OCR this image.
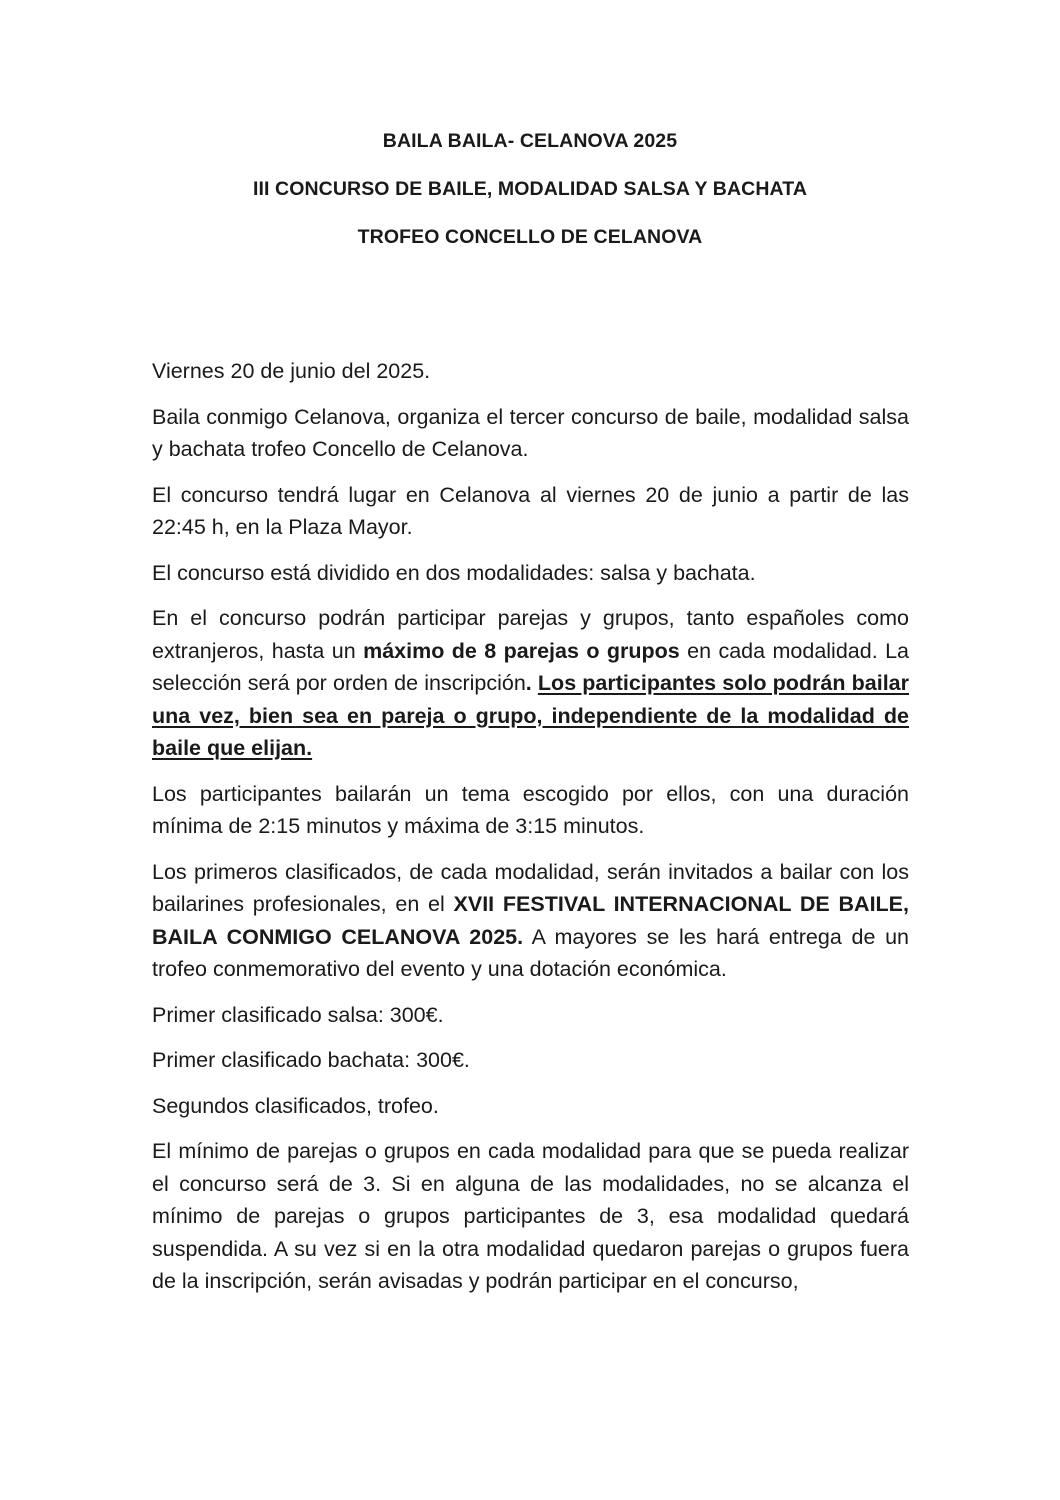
BAILA BAILA- CELANOVA 2025
III CONCURSO DE BAILE, MODALIDAD SALSA Y BACHATA
TROFEO CONCELLO DE CELANOVA

Viernes 20 de junio del 2025.

Baila conmigo Celanova, organiza el tercer concurso de baile, modalidad salsa y bachata trofeo Concello de Celanova.

El concurso tendrá lugar en Celanova al viernes 20 de junio a partir de las 22:45 h, en la Plaza Mayor.

El concurso está dividido en dos modalidades: salsa y bachata.

En el concurso podrán participar parejas y grupos, tanto españoles como extranjeros, hasta un máximo de 8 parejas o grupos en cada modalidad. La selección será por orden de inscripción. Los participantes solo podrán bailar una vez, bien sea en pareja o grupo, independiente de la modalidad de baile que elijan.

Los participantes bailarán un tema escogido por ellos, con una duración mínima de 2:15 minutos y máxima de 3:15 minutos.

Los primeros clasificados, de cada modalidad, serán invitados a bailar con los bailarines profesionales, en el XVII FESTIVAL INTERNACIONAL DE BAILE, BAILA CONMIGO CELANOVA 2025. A mayores se les hará entrega de un trofeo conmemorativo del evento y una dotación económica.

Primer clasificado salsa: 300€.

Primer clasificado bachata: 300€.

Segundos clasificados, trofeo.

El mínimo de parejas o grupos en cada modalidad para que se pueda realizar el concurso será de 3. Si en alguna de las modalidades, no se alcanza el mínimo de parejas o grupos participantes de 3, esa modalidad quedará suspendida. A su vez si en la otra modalidad quedaron parejas o grupos fuera de la inscripción, serán avisadas y podrán participar en el concurso,
